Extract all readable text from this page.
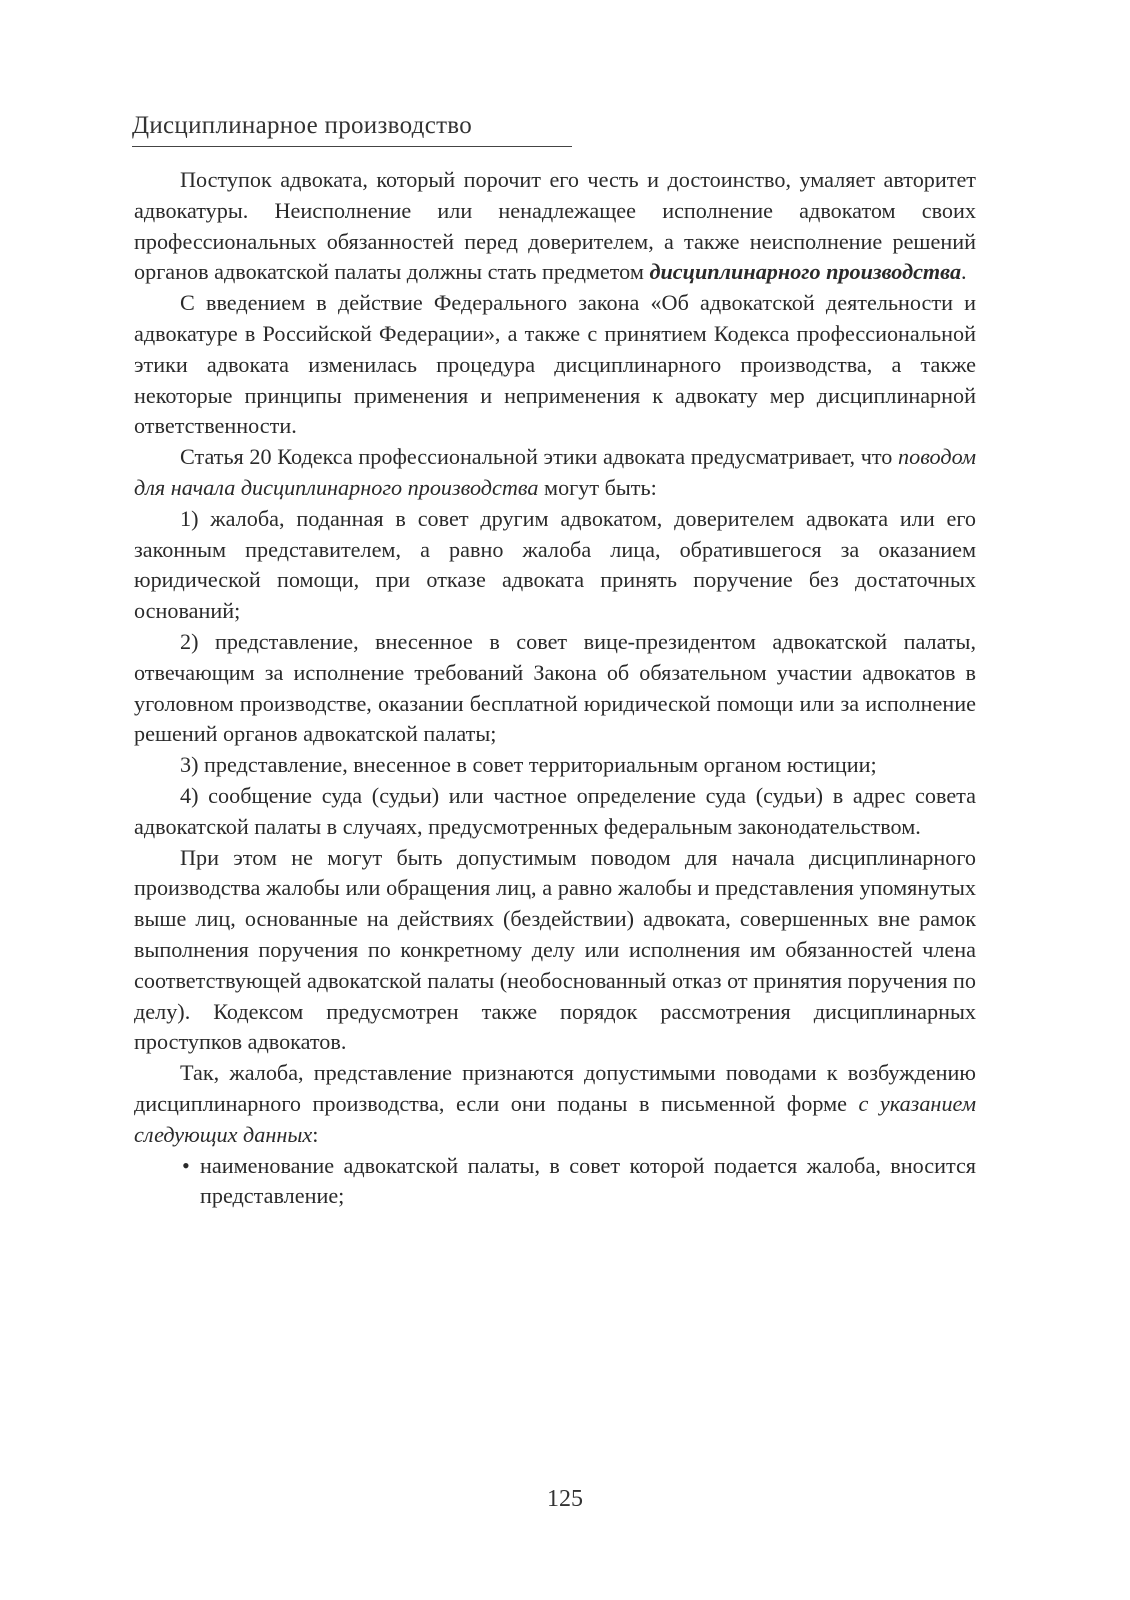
Дисциплинарное производство

Поступок адвоката, который порочит его честь и достоинство, умаляет авторитет адвокатуры. Неисполнение или ненадлежащее исполнение адвокатом своих профессиональных обязанностей перед доверителем, а также неисполнение решений органов адвокатской палаты должны стать предметом дисциплинарного производства.

С введением в действие Федерального закона «Об адвокатской деятельности и адвокатуре в Российской Федерации», а также с принятием Кодекса профессиональной этики адвоката изменилась процедура дисциплинарного производства, а также некоторые принципы применения и неприменения к адвокату мер дисциплинарной ответственности.

Статья 20 Кодекса профессиональной этики адвоката предусматривает, что поводом для начала дисциплинарного производства могут быть:

1) жалоба, поданная в совет другим адвокатом, доверителем адвоката или его законным представителем, а равно жалоба лица, обратившегося за оказанием юридической помощи, при отказе адвоката принять поручение без достаточных оснований;

2) представление, внесенное в совет вице-президентом адвокатской палаты, отвечающим за исполнение требований Закона об обязательном участии адвокатов в уголовном производстве, оказании бесплатной юридической помощи или за исполнение решений органов адвокатской палаты;

3) представление, внесенное в совет территориальным органом юстиции;

4) сообщение суда (судьи) или частное определение суда (судьи) в адрес совета адвокатской палаты в случаях, предусмотренных федеральным законодательством.

При этом не могут быть допустимым поводом для начала дисциплинарного производства жалобы или обращения лиц, а равно жалобы и представления упомянутых выше лиц, основанные на действиях (бездействии) адвоката, совершенных вне рамок выполнения поручения по конкретному делу или исполнения им обязанностей члена соответствующей адвокатской палаты (необоснованный отказ от принятия поручения по делу). Кодексом предусмотрен также порядок рассмотрения дисциплинарных проступков адвокатов.

Так, жалоба, представление признаются допустимыми поводами к возбуждению дисциплинарного производства, если они поданы в письменной форме с указанием следующих данных:

• наименование адвокатской палаты, в совет которой подается жалоба, вносится представление;
125
